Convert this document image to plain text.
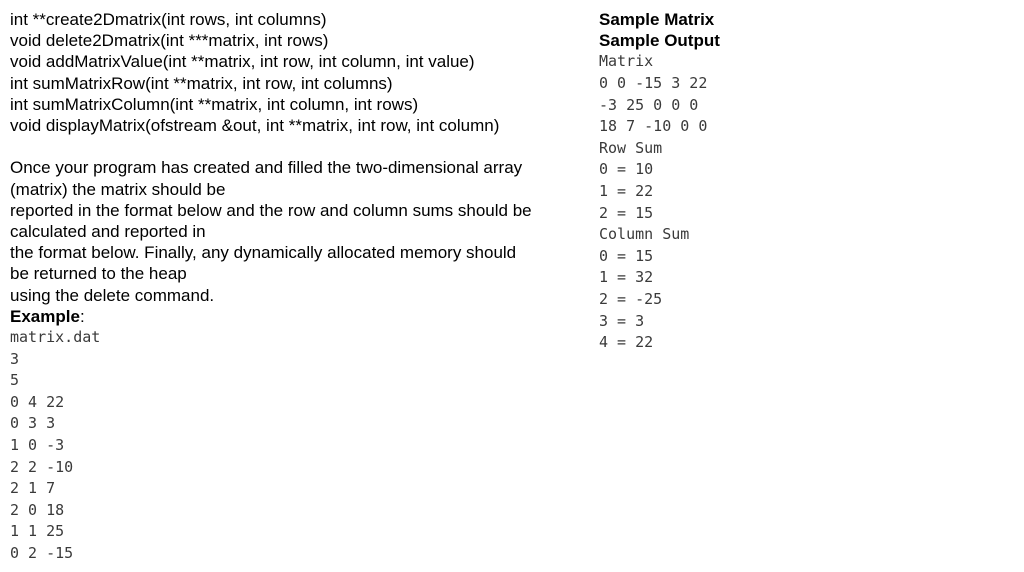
int **create2Dmatrix(int rows, int columns)
void delete2Dmatrix(int ***matrix, int rows)
void addMatrixValue(int **matrix, int row, int column, int value)
int sumMatrixRow(int **matrix, int row, int columns)
int sumMatrixColumn(int **matrix, int column, int rows)
void displayMatrix(ofstream &out, int **matrix, int row, int column)
Once your program has created and filled the two-dimensional array
(matrix) the matrix should be
reported in the format below and the row and column sums should be
calculated and reported in
the format below. Finally, any dynamically allocated memory should
be returned to the heap
using the delete command.
Example:
matrix.dat
3
5
0 4 22
0 3 3
1 0 -3
2 2 -10
2 1 7
2 0 18
1 1 25
0 2 -15
Sample Matrix
Sample Output
Matrix
0 0 -15 3 22
-3 25 0 0 0
18 7 -10 0 0
Row Sum
0 = 10
1 = 22
2 = 15
Column Sum
0 = 15
1 = 32
2 = -25
3 = 3
4 = 22
